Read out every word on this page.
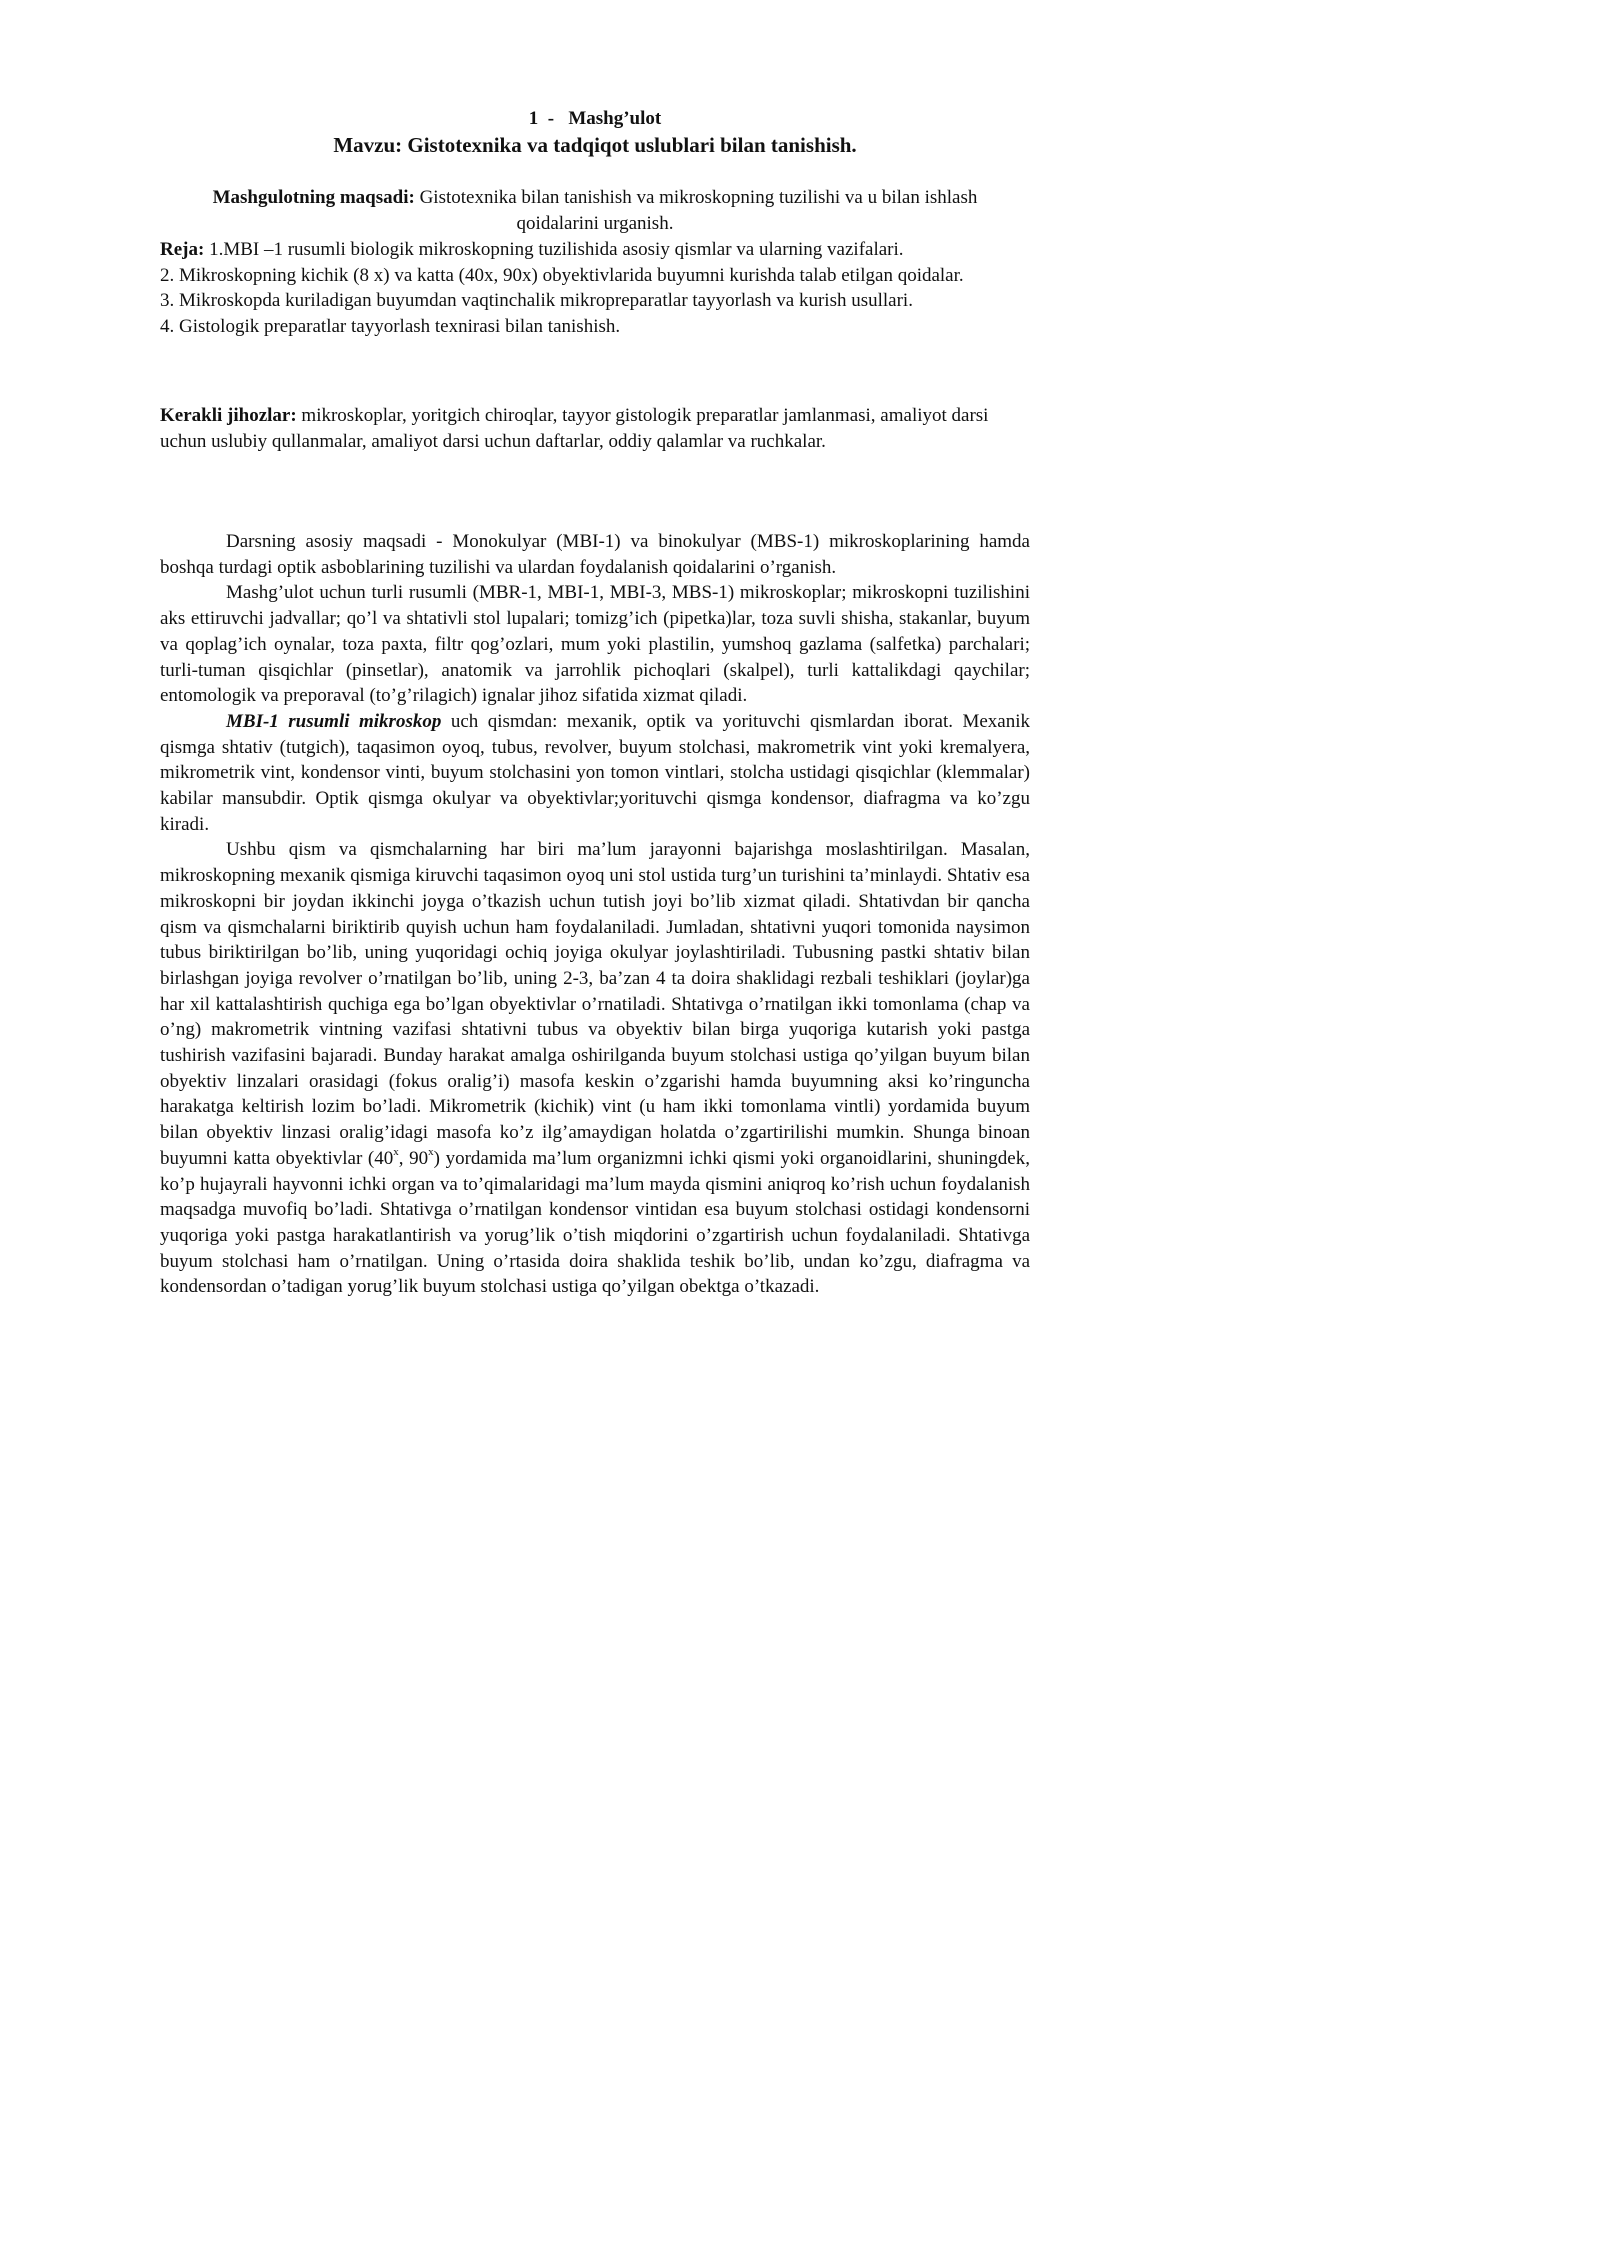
1 - Mashg’ulot

Mavzu: Gistotexnika va tadqiqot uslublari bilan tanishish.

Mashgulotning maqsadi: Gistotexnika bilan tanishish va mikroskopning tuzilishi va u bilan ishlash qoidalarini urganish.

Reja: 1.MBI –1 rusumli biologik mikroskopning tuzilishida asosiy qismlar va ularning vazifalari.

2. Mikroskopning kichik (8 x) va katta (40x, 90x) obyektivlarida buyumni kurishda talab etilgan qoidalar.

3. Mikroskopda kuriladigan buyumdan vaqtinchalik mikropreparatlar tayyorlash va kurish usullari.

4. Gistologik preparatlar tayyorlash texnirasi bilan tanishish.

Kerakli jihozlar: mikroskoplar, yoritgich chiroqlar, tayyor gistologik preparatlar jamlanmasi, amaliyot darsi uchun uslubiy qullanmalar, amaliyot darsi uchun daftarlar, oddiy qalamlar va ruchkalar.

Darsning asosiy maqsadi - Monokulyar (MBI-1) va binokulyar (MBS-1) mikroskoplarining hamda boshqa turdagi optik asboblarining tuzilishi va ulardan foydalanish qoidalarini o’rganish.

Mashg’ulot uchun turli rusumli (MBR-1, MBI-1, MBI-3, MBS-1) mikroskoplar; mikroskopni tuzilishini aks ettiruvchi jadvallar; qo’l va shtativli stol lupalari; tomizg’ich (pipetka)lar, toza suvli shisha, stakanlar, buyum va qoplag’ich oynalar, toza paxta, filtr qog’ozlari, mum yoki plastilin, yumshoq gazlama (salfetka) parchalari; turli-tuman qisqichlar (pinsetlar), anatomik va jarrohlik pichoqlari (skalpel), turli kattalikdagi qaychilar; entomologik va preporaval (to’g’rilagich) ignalar jihoz sifatida xizmat qiladi.

MBI-1 rusumli mikroskop uch qismdan: mexanik, optik va yorituvchi qismlardan iborat. Mexanik qismga shtativ (tutgich), taqasimon oyoq, tubus, revolver, buyum stolchasi, makrometrik vint yoki kremalyera, mikrometrik vint, kondensor vinti, buyum stolchasini yon tomon vintlari, stolcha ustidagi qisqichlar (klemmalar) kabilar mansubdir. Optik qismga okulyar va obyektivlar;yorituvchi qismga kondensor, diafragma va ko’zgu kiradi.

Ushbu qism va qismchalarning har biri ma’lum jarayonni bajarishga moslashtirilgan. Masalan, mikroskopning mexanik qismiga kiruvchi taqasimon oyoq uni stol ustida turg’un turishini ta’minlaydi. Shtativ esa mikroskopni bir joydan ikkinchi joyga o’tkazish uchun tutish joyi bo’lib xizmat qiladi. Shtativdan bir qancha qism va qismchalarni biriktirib quyish uchun ham foydalaniladi. Jumladan, shtativni yuqori tomonida naysimon tubus biriktirilgan bo’lib, uning yuqoridagi ochiq joyiga okulyar joylashtiriladi. Tubusning pastki shtativ bilan birlashgan joyiga revolver o’rnatilgan bo’lib, uning 2-3, ba’zan 4 ta doira shaklidagi rezbali teshiklari (joylar)ga har xil kattalashtirish quchiga ega bo’lgan obyektivlar o’rnatiladi. Shtativga o’rnatilgan ikki tomonlama (chap va o’ng) makrometrik vintning vazifasi shtativni tubus va obyektiv bilan birga yuqoriga kutarish yoki pastga tushirish vazifasini bajaradi. Bunday harakat amalga oshirilganda buyum stolchasi ustiga qo’yilgan buyum bilan obyektiv linzalari orasidagi (fokus oralig’i) masofa keskin o’zgarishi hamda buyumning aksi ko’ringuncha harakatga keltirish lozim bo’ladi. Mikrometrik (kichik) vint (u ham ikki tomonlama vintli) yordamida buyum bilan obyektiv linzasi oralig’idagi masofa ko’z ilg’amaydigan holatda o’zgartirilishi mumkin. Shunga binoan buyumni katta obyektivlar (40$^x$, 90$^x$) yordamida ma’lum organizmni ichki qismi yoki organoidlarini, shuningdek, ko’p hujayrali hayvonni ichki organ va to’qimalaridagi ma’lum mayda qismini aniqroq ko’rish uchun foydalanish maqsadga muvofiq bo’ladi. Shtativga o’rnatilgan kondensor vintidan esa buyum stolchasi ostidagi kondensorni yuqoriga yoki pastga harakatlantirish va yorug’lik o’tish miqdorini o’zgartirish uchun foydalaniladi. Shtativga buyum stolchasi ham o’rnatilgan. Uning o’rtasida doira shaklida teshik bo’lib, undan ko’zgu, diafragma va kondensordan o’tadigan yorug’lik buyum stolchasi ustiga qo’yilgan obektga o’tkazadi.
